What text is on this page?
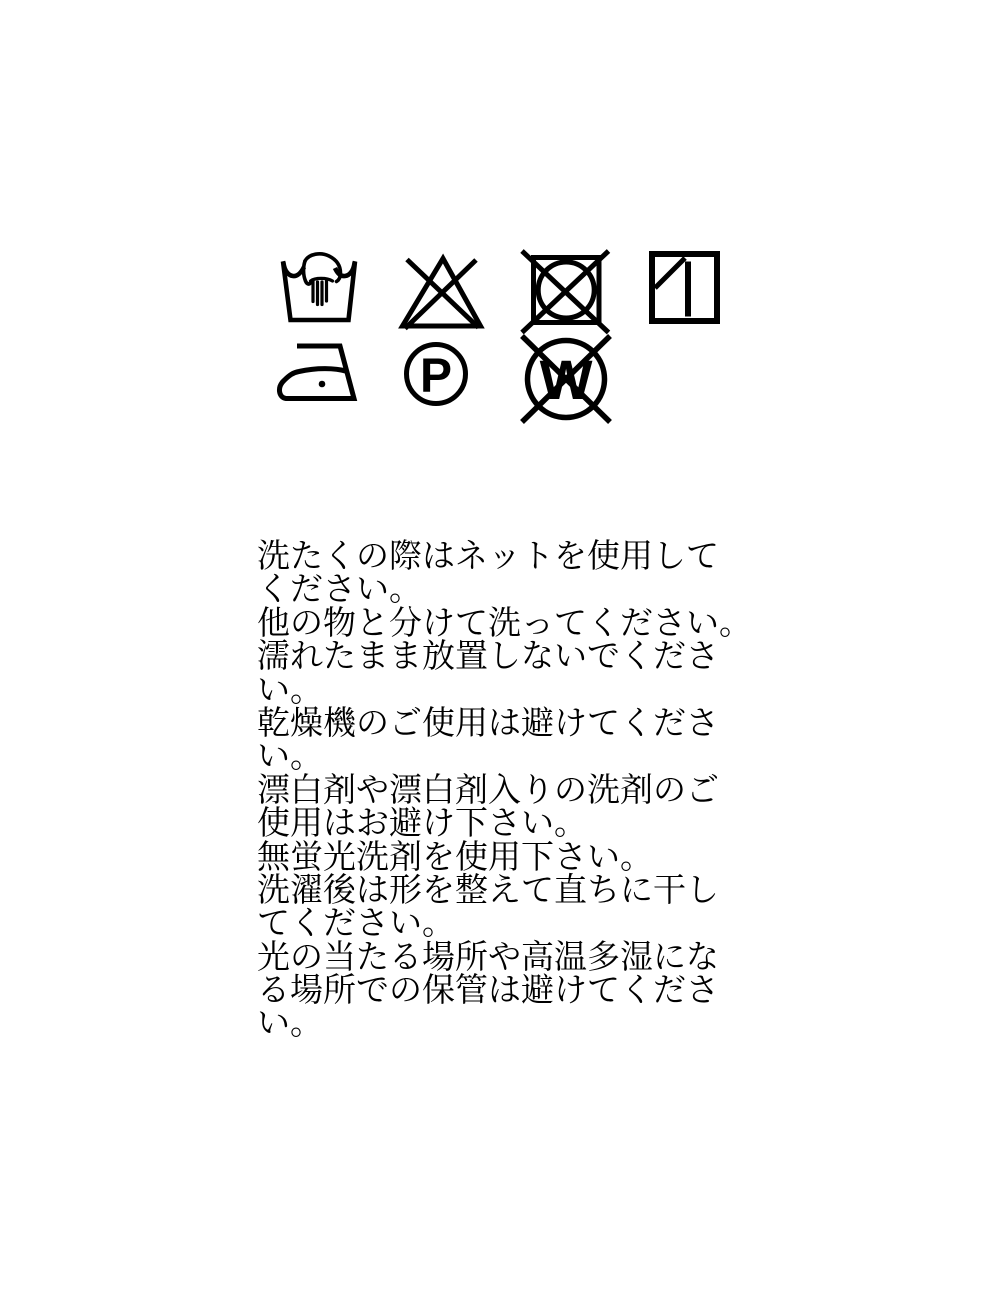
P W
洗たくの際はネットを使用して
ください。
他の物と分けて洗ってください。
濡れたまま放置しないでくださ
い。
乾燥機のご使用は避けてくださ
い。
漂白剤や漂白剤入りの洗剤のご
使用はお避け下さい。
無蛍光洗剤を使用下さい。
洗濯後は形を整えて直ちに干し
てください。
光の当たる場所や高温多湿にな
る場所での保管は避けてくださ
い。
